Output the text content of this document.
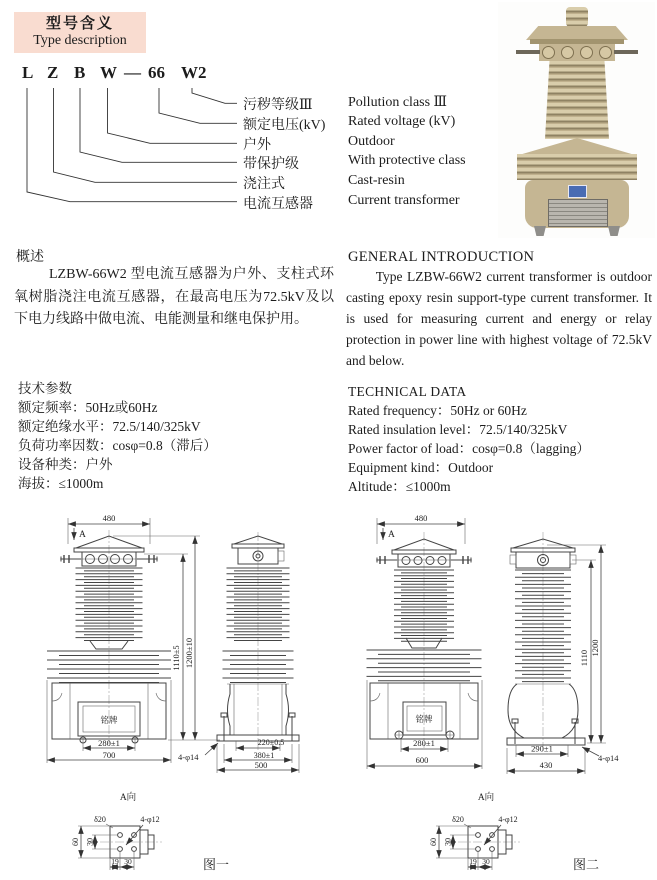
型号含义
Type description
L Z B W — 66 W2
污秽等级Ⅲ
额定电压(kV)
户外
带保护级
浇注式
电流互感器
Pollution class Ⅲ
Rated voltage (kV)
Outdoor
With protective class
Cast-resin
Current transformer
概述
LZBW-66W2 型电流互感器为户外、支柱式环氧树脂浇注电流互感器，在最高电压为72.5kV及以下电力线路中做电流、电能测量和继电保护用。
GENERAL INTRODUCTION
Type LZBW-66W2 current transformer is outdoor casting epoxy resin support-type current transformer. It is used for measuring current and energy or relay protection in power line with highest voltage of 72.5kV and below.
技术参数
额定频率：50Hz或60Hz
额定绝缘水平：72.5/140/325kV
负荷功率因数：cosφ=0.8（滞后）
设备种类：户外
海拔：≤1000m
TECHNICAL DATA
Rated frequency：50Hz or 60Hz
Rated insulation level：72.5/140/325kV
Power factor of load：cosφ=0.8（lagging）
Equipment kind：Outdoor
Altitude：≤1000m
480
A
铭牌
280±1
700
1110±5 1200±10
220±0.5
380±1
500
4-φ14
A向
δ20	4-φ12
60 30
19 30	图一
480
A
铭牌
280±1
600
290±1
430
4-φ14
1110
1200
A向
δ20	4-φ12
60 30
19 30	图二
